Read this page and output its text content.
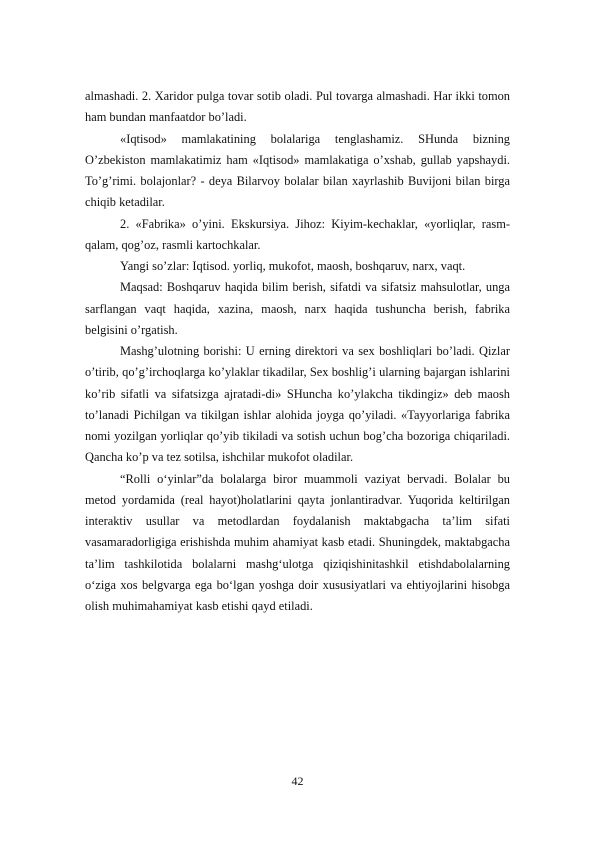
almashadi. 2. Xaridor pulga tovar sotib oladi. Pul tovarga almashadi. Har ikki tomon ham bundan manfaatdor bo’ladi.

«Iqtisod» mamlakatining bolalariga tenglashamiz. SHunda bizning O’zbekiston mamlakatimiz ham «Iqtisod» mamlakatiga o’xshab, gullab yapshaydi. To’g’rimi. bolajonlar? - deya Bilarvoy bolalar bilan xayrlashib Buvijoni bilan birga chiqib ketadilar.

2. «Fabrika» o’yini. Ekskursiya. Jihoz: Kiyim-kechaklar, «yorliqlar, rasm-qalam, qog’oz, rasmli kartochkalar.

Yangi so’zlar: Iqtisod. yorliq, mukofot, maosh, boshqaruv, narx, vaqt.

Maqsad: Boshqaruv haqida bilim berish, sifatdi va sifatsiz mahsulotlar, unga sarflangan vaqt haqida, xazina, maosh, narx haqida tushuncha berish, fabrika belgisini o’rgatish.

Mashg’ulotning borishi: U erning direktori va sex boshliqlari bo’ladi. Qizlar o’tirib, qo’g’irchoqlarga ko’ylaklar tikadilar, Sex boshlig’i ularning bajargan ishlarini ko’rib sifatli va sifatsizga ajratadi-di» SHuncha ko’ylakcha tikdingiz» deb maosh to’lanadi Pichilgan va tikilgan ishlar alohida joyga qo’yiladi. «Tayyorlariga fabrika nomi yozilgan yorliqlar qo’yib tikiladi va sotish uchun bog’cha bozoriga chiqariladi. Qancha ko’p va tez sotilsa, ishchilar mukofot oladilar.

“Rolli o‘yinlar”da bolalarga biror muammoli vaziyat bervadi. Bolalar bu metod yordamida (real hayot)holatlarini qayta jonlantiradvar. Yuqorida keltirilgan interaktiv usullar va metodlardan foydalanish maktabgacha ta’lim sifati vasamaradorligiga erishishda muhim ahamiyat kasb etadi. Shuningdek, maktabgacha ta’lim tashkilotida bolalarni mashg‘ulotga qiziqishinitashkil etishdabolalarning o‘ziga xos belgvarga ega bo‘lgan yoshga doir xususiyatlari va ehtiyojlarini hisobga olish muhimahamiyat kasb etishi qayd etiladi.

42
